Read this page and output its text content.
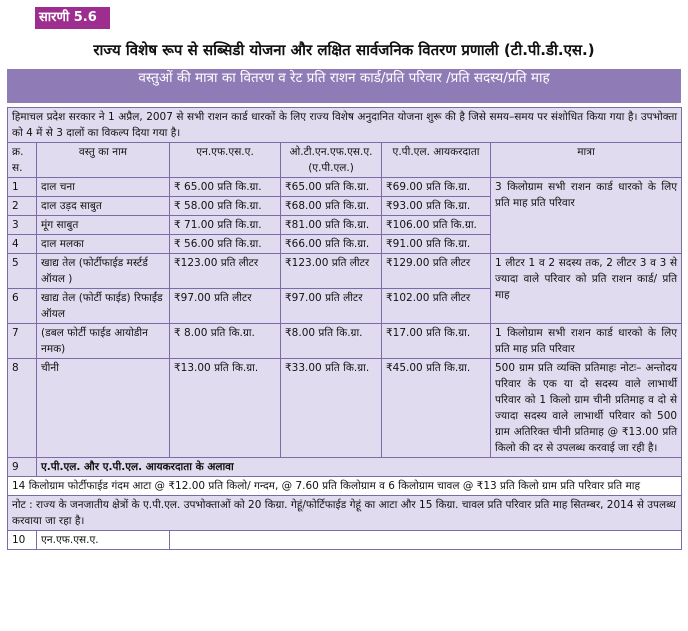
सारणी 5.6
राज्य विशेष रूप से सब्सिडी योजना और लक्षित सार्वजनिक वितरण प्रणाली (टी.पी.डी.एस.)
वस्तुओं की मात्रा का वितरण व रेट प्रति राशन कार्ड/प्रति परिवार /प्रति सदस्य/प्रति माह
हिमाचल प्रदेश सरकार ने 1 अप्रैल, 2007 से सभी राशन कार्ड धारकों के लिए राज्य विशेष अनुदानित योजना शुरू की है जिसे समय–समय पर संशोधित किया गया है। उपभोक्ता को 4 में से 3 दालों का विकल्प दिया गया है।					
क्र. स.	वस्तु का नाम	एन.एफ.एस.ए.	ओ.टी.एन.एफ.एस.ए. (ए.पी.एल.)	ए.पी.एल. आयकरदाता	मात्रा
1	दाल चना	₹ 65.00 प्रति कि.ग्रा.	₹65.00 प्रति कि.ग्रा.	₹69.00 प्रति कि.ग्रा.	3 किलोग्राम सभी राशन कार्ड धारको के लिए प्रति माह प्रति परिवार
2	दाल उड़द साबुत	₹ 58.00 प्रति कि.ग्रा.	₹68.00 प्रति कि.ग्रा.	₹93.00 प्रति कि.ग्रा.	
3	मूंग साबुत	₹ 71.00 प्रति कि.ग्रा.	₹81.00 प्रति कि.ग्रा.	₹106.00 प्रति कि.ग्रा.	
4	दाल मलका	₹ 56.00 प्रति कि.ग्रा.	₹66.00 प्रति कि.ग्रा.	₹91.00 प्रति कि.ग्रा.	
5	खाद्य तेल (फोर्टीफाईड मर्स्टर्ड ऑयल )	₹123.00 प्रति लीटर	₹123.00 प्रति लीटर	₹129.00 प्रति लीटर	1 लीटर 1 व 2 सदस्य तक, 2 लीटर 3 व 3 से ज्यादा वाले परिवार को प्रति राशन कार्ड/ प्रति माह
6	खाद्य तेल (फोर्टी फाईड) रिफाईंड ऑयल	₹97.00 प्रति लीटर	₹97.00 प्रति लीटर	₹102.00 प्रति लीटर	
7	(डबल फोर्टी फाईड आयोडीन नमक)	₹ 8.00 प्रति कि.ग्रा.	₹8.00 प्रति कि.ग्रा.	₹17.00 प्रति कि.ग्रा.	1 किलोग्राम सभी राशन कार्ड धारको के लिए प्रति माह प्रति परिवार
8	चीनी	₹13.00 प्रति कि.ग्रा.	₹33.00 प्रति कि.ग्रा.	₹45.00 प्रति कि.ग्रा.	500 ग्राम प्रति व्यक्ति प्रतिमाहः नोटः– अन्तोदय परिवार के एक या दो सदस्य वाले लाभार्थी परिवार को 1 किलो ग्राम चीनी प्रतिमाह व दो से ज्यादा सदस्य वाले लाभार्थी परिवार को 500 ग्राम अतिरिक्त चीनी प्रतिमाह @ ₹13.00 प्रति किलो की दर से उपलब्ध करवाई जा रही है।
9	ए.पी.एल. और ए.पी.एल. आयकरदाता के अलावा				
14 किलोग्राम फोर्टीफाईड गंदम आटा @ ₹12.00 प्रति किलो/ गन्दम, @ 7.60 प्रति किलोग्राम व 6 किलोग्राम चावल @ ₹13 प्रति किलो ग्राम प्रति परिवार प्रति माह					
नोट : राज्य के जनजातीय क्षेत्रों के ए.पी.एल. उपभोक्ताओं को 20 किग्रा. गेहूं/फोर्टिफाईड गेहूं का आटा और 15 किग्रा. चावल प्रति परिवार प्रति माह सितम्बर, 2014 से उपलब्ध करवाया जा रहा है।					
10	एन.एफ.एस.ए.				
